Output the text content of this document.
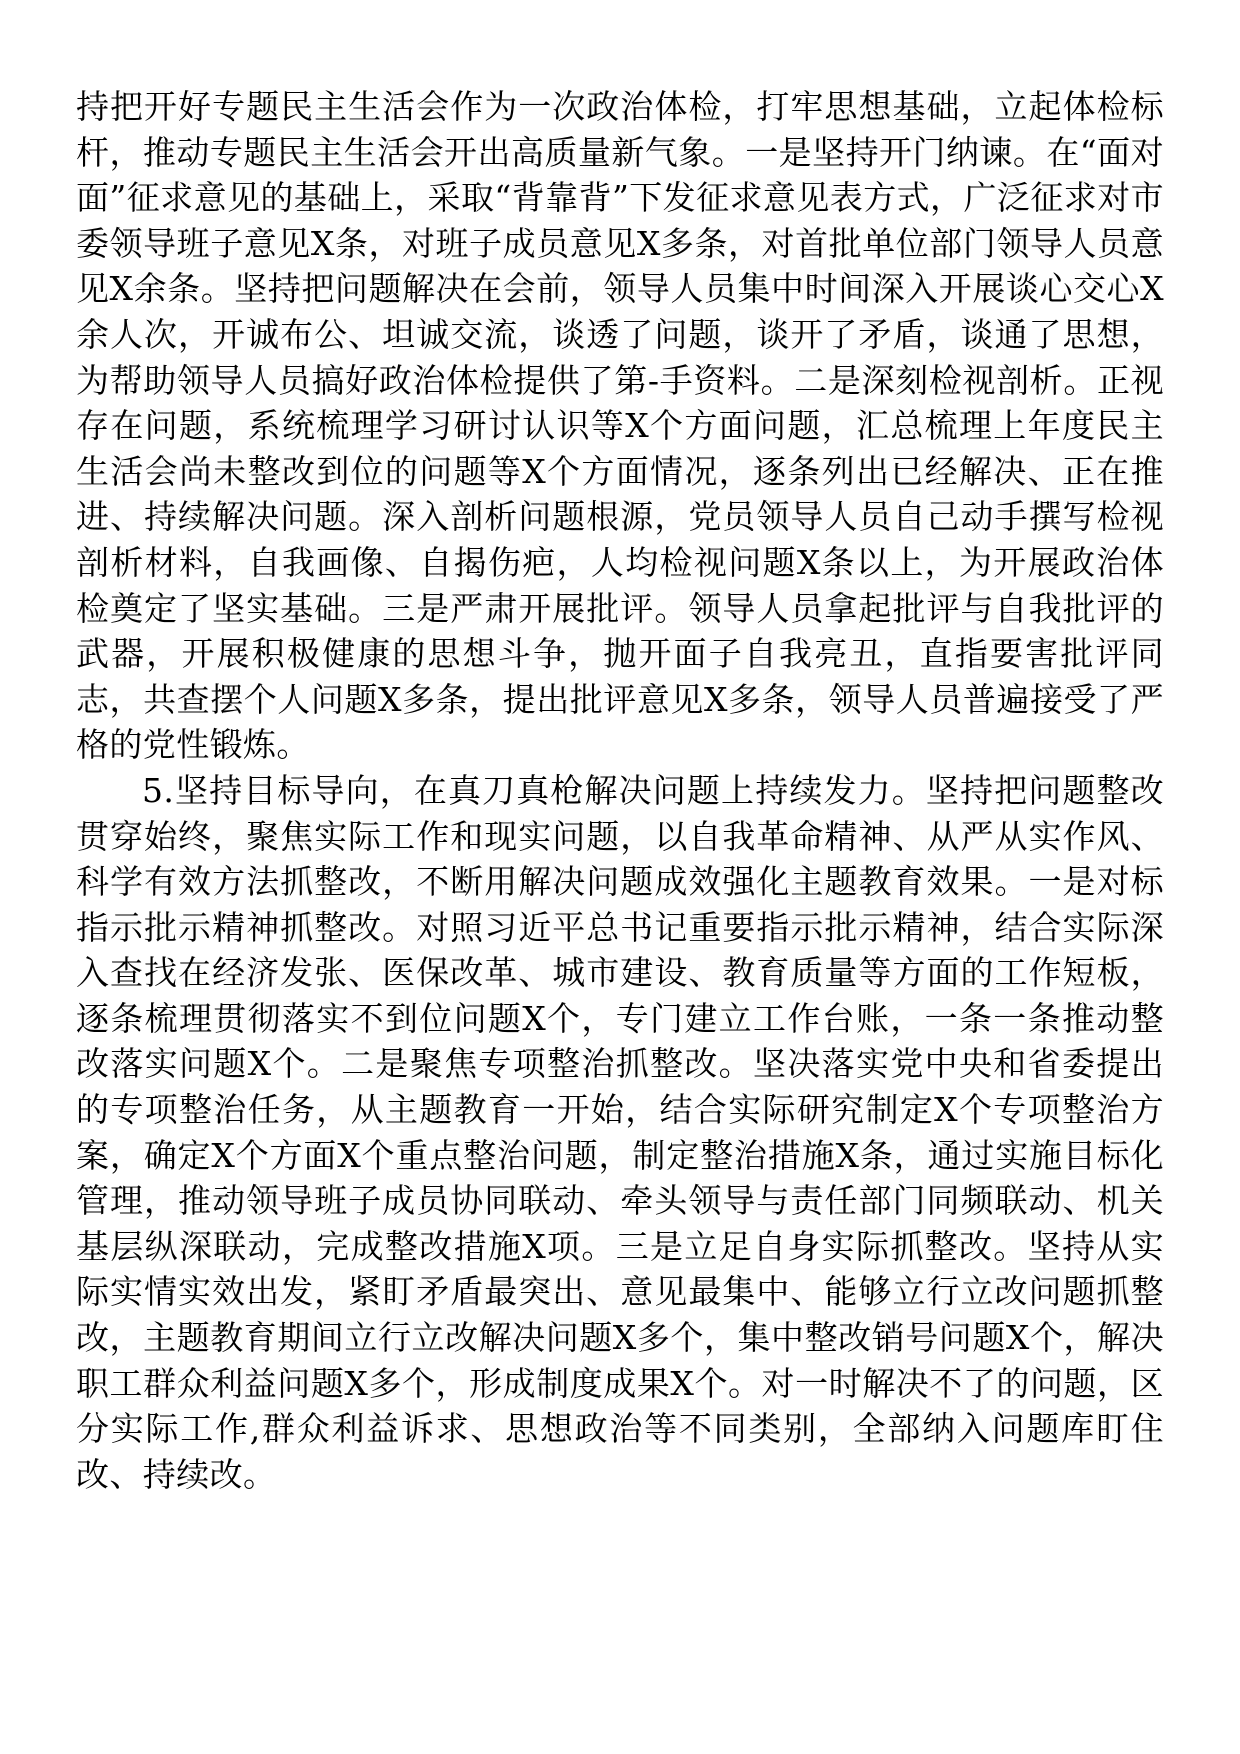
持把开好专题民主生活会作为一次政治体检，打牢思想基础，立起体检标杆，推动专题民主生活会开出高质量新气象。一是坚持开门纳谏。在“面对面”征求意见的基础上，采取“背靠背”下发征求意见表方式，广泛征求对市委领导班子意见X条，对班子成员意见X多条，对首批单位部门领导人员意见X余条。坚持把问题解决在会前，领导人员集中时间深入开展谈心交心X余人次，开诚布公、坦诚交流，谈透了问题，谈开了矛盾，谈通了思想，为帮助领导人员搞好政治体检提供了第-手资料。二是深刻检视剖析。正视存在问题，系统梳理学习研讨认识等X个方面问题，汇总梳理上年度民主生活会尚未整改到位的问题等X个方面情况，逐条列出已经解决、正在推进、持续解决问题。深入剖析问题根源，党员领导人员自己动手撰写检视剖析材料，自我画像、自揭伤疤，人均检视问题X条以上，为开展政治体检奠定了坚实基础。三是严肃开展批评。领导人员拿起批评与自我批评的武器，开展积极健康的思想斗争，抛开面子自我亮丑，直指要害批评同志，共查摆个人问题X多条，提出批评意见X多条，领导人员普遍接受了严格的党性锻炼。

5.坚持目标导向，在真刀真枪解决问题上持续发力。坚持把问题整改贯穿始终，聚焦实际工作和现实问题，以自我革命精神、从严从实作风、科学有效方法抓整改，不断用解决问题成效强化主题教育效果。一是对标指示批示精神抓整改。对照习近平总书记重要指示批示精神，结合实际深入查找在经济发张、医保改革、城市建设、教育质量等方面的工作短板，逐条梳理贯彻落实不到位问题X个，专门建立工作台账，一条一条推动整改落实问题X个。二是聚焦专项整治抓整改。坚决落实党中央和省委提出的专项整治任务，从主题教育一开始，结合实际研究制定X个专项整治方案，确定X个方面X个重点整治问题，制定整治措施X条，通过实施目标化管理，推动领导班子成员协同联动、牵头领导与责任部门同频联动、机关基层纵深联动，完成整改措施X项。三是立足自身实际抓整改。坚持从实际实情实效出发，紧盯矛盾最突出、意见最集中、能够立行立改问题抓整改，主题教育期间立行立改解决问题X多个，集中整改销号问题X个，解决职工群众利益问题X多个，形成制度成果X个。对一时解决不了的问题，区分实际工作,群众利益诉求、思想政治等不同类别，全部纳入问题库盯住改、持续改。
